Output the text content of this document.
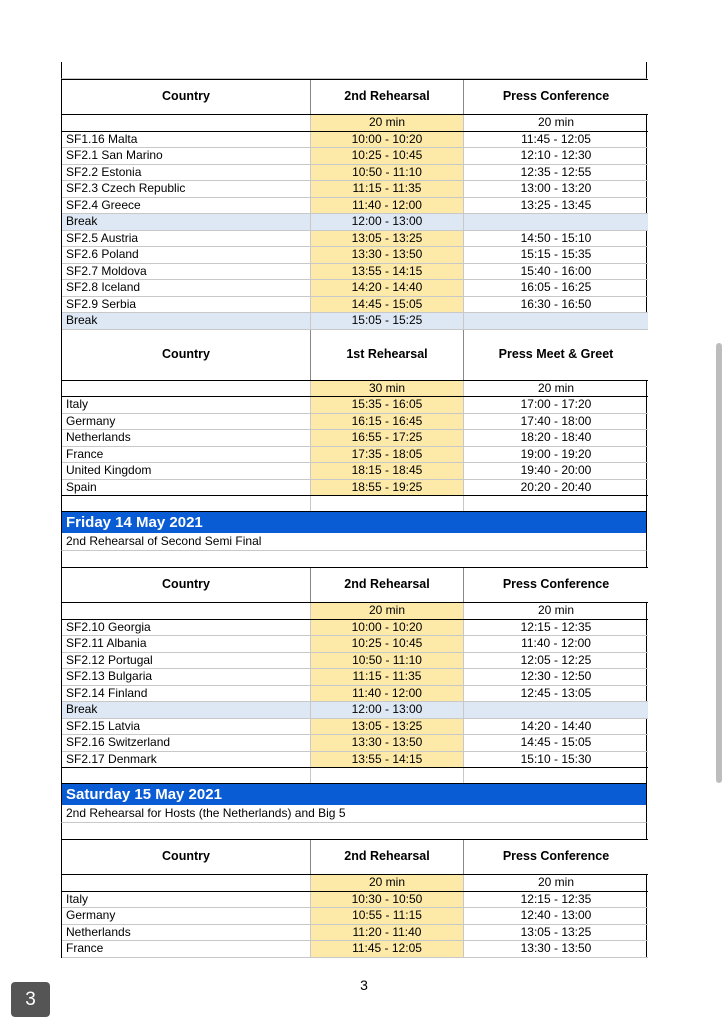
Country	2nd Rehearsal	Press Conference
	20 min	20 min
SF1.16 Malta	10:00 - 10:20	11:45 - 12:05
SF2.1 San Marino	10:25 - 10:45	12:10 - 12:30
SF2.2 Estonia	10:50 - 11:10	12:35 - 12:55
SF2.3 Czech Republic	11:15 - 11:35	13:00 - 13:20
SF2.4 Greece	11:40 - 12:00	13:25 - 13:45
Break	12:00 - 13:00	
SF2.5 Austria	13:05 - 13:25	14:50 - 15:10
SF2.6 Poland	13:30 - 13:50	15:15 - 15:35
SF2.7 Moldova	13:55 - 14:15	15:40 - 16:00
SF2.8 Iceland	14:20 - 14:40	16:05 - 16:25
SF2.9 Serbia	14:45 - 15:05	16:30 - 16:50
Break	15:05 - 15:25	
Country	1st Rehearsal	Press Meet & Greet
	30 min	20 min
Italy	15:35 - 16:05	17:00 - 17:20
Germany	16:15 - 16:45	17:40 - 18:00
Netherlands	16:55 - 17:25	18:20 - 18:40
France	17:35 - 18:05	19:00 - 19:20
United Kingdom	18:15 - 18:45	19:40 - 20:00
Spain	18:55 - 19:25	20:20 - 20:40
Friday 14 May 2021
2nd Rehearsal of Second Semi Final
Country	2nd Rehearsal	Press Conference
	20 min	20 min
SF2.10 Georgia	10:00 - 10:20	12:15 - 12:35
SF2.11 Albania	10:25 - 10:45	11:40 - 12:00
SF2.12 Portugal	10:50 - 11:10	12:05 - 12:25
SF2.13 Bulgaria	11:15 - 11:35	12:30 - 12:50
SF2.14 Finland	11:40 - 12:00	12:45 - 13:05
Break	12:00 - 13:00	
SF2.15 Latvia	13:05 - 13:25	14:20 - 14:40
SF2.16 Switzerland	13:30 - 13:50	14:45 - 15:05
SF2.17 Denmark	13:55 - 14:15	15:10 - 15:30
Saturday 15 May 2021
2nd Rehearsal for Hosts (the Netherlands) and Big 5
Country	2nd Rehearsal	Press Conference
	20 min	20 min
Italy	10:30 - 10:50	12:15 - 12:35
Germany	10:55 - 11:15	12:40 - 13:00
Netherlands	11:20 - 11:40	13:05 - 13:25
France	11:45 - 12:05	13:30 - 13:50
3
3
